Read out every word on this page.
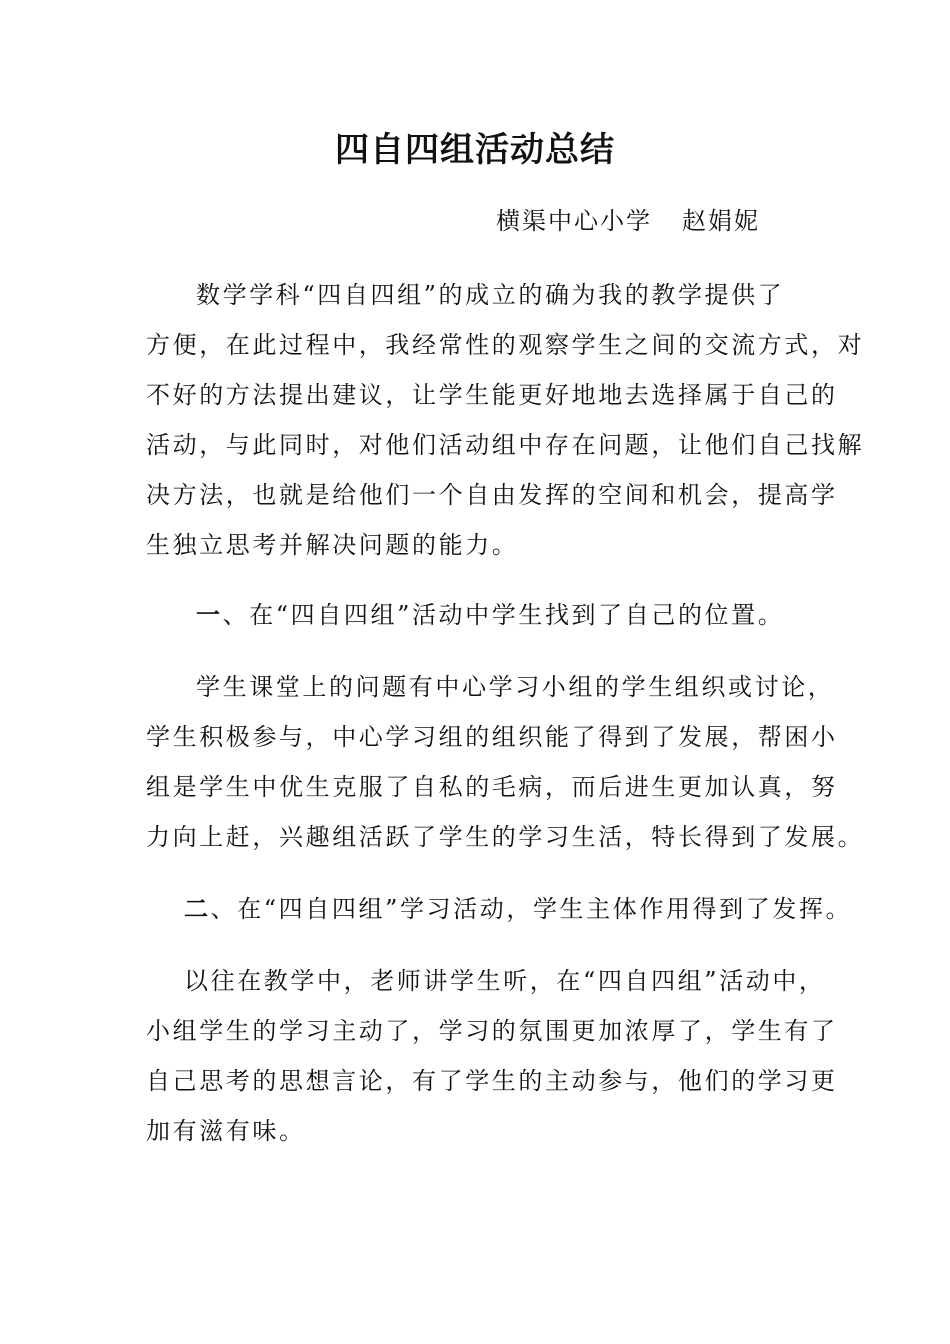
四自四组活动总结
横渠中心小学 赵娟妮
数学学科“四自四组”的成立的确为我的教学提供了
方便，在此过程中，我经常性的观察学生之间的交流方式，对
不好的方法提出建议，让学生能更好地地去选择属于自己的
活动，与此同时，对他们活动组中存在问题，让他们自己找解
决方法，也就是给他们一个自由发挥的空间和机会，提高学
生独立思考并解决问题的能力。
一、在“四自四组”活动中学生找到了自己的位置。
学生课堂上的问题有中心学习小组的学生组织或讨论，
学生积极参与，中心学习组的组织能了得到了发展，帮困小
组是学生中优生克服了自私的毛病，而后进生更加认真，努
力向上赶，兴趣组活跃了学生的学习生活，特长得到了发展。
二、在“四自四组”学习活动，学生主体作用得到了发挥。
以往在教学中，老师讲学生听，在“四自四组”活动中，
小组学生的学习主动了，学习的氛围更加浓厚了，学生有了
自己思考的思想言论，有了学生的主动参与，他们的学习更
加有滋有味。
